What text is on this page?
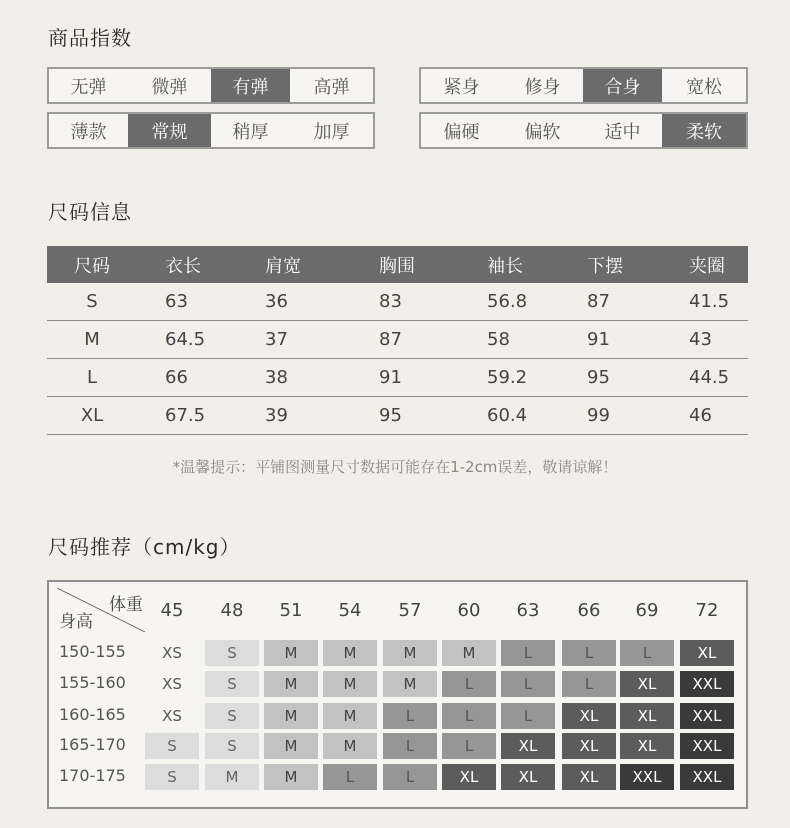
商品指数
无弹	微弹	有弹	高弹	紧身	修身	合身	宽松
薄款	常规	稍厚	加厚	偏硬	偏软	适中	柔软
尺码信息
尺码	衣长	肩宽	胸围	袖长	下摆	夹圈
S	63	36	83	56.8	87	41.5
M	64.5	37	87	58	91	43
L	66	38	91	59.2	95	44.5
XL	67.5	39	95	60.4	99	46
*温馨提示：平铺图测量尺寸数据可能存在1-2cm误差，敬请谅解！
尺码推荐（cm/kg）
体重
身高
45	48	51	54	57	60	63	66	69	72
150-155	XS	S	M	M	M	M	L	L	L	XL
155-160	XS	S	M	M	M	L	L	L	XL	XXL
160-165	XS	S	M	M	L	L	L	XL	XL	XXL
165-170	S	S	M	M	L	L	XL	XL	XL	XXL
170-175	S	M	M	L	L	XL	XL	XL	XXL	XXL
